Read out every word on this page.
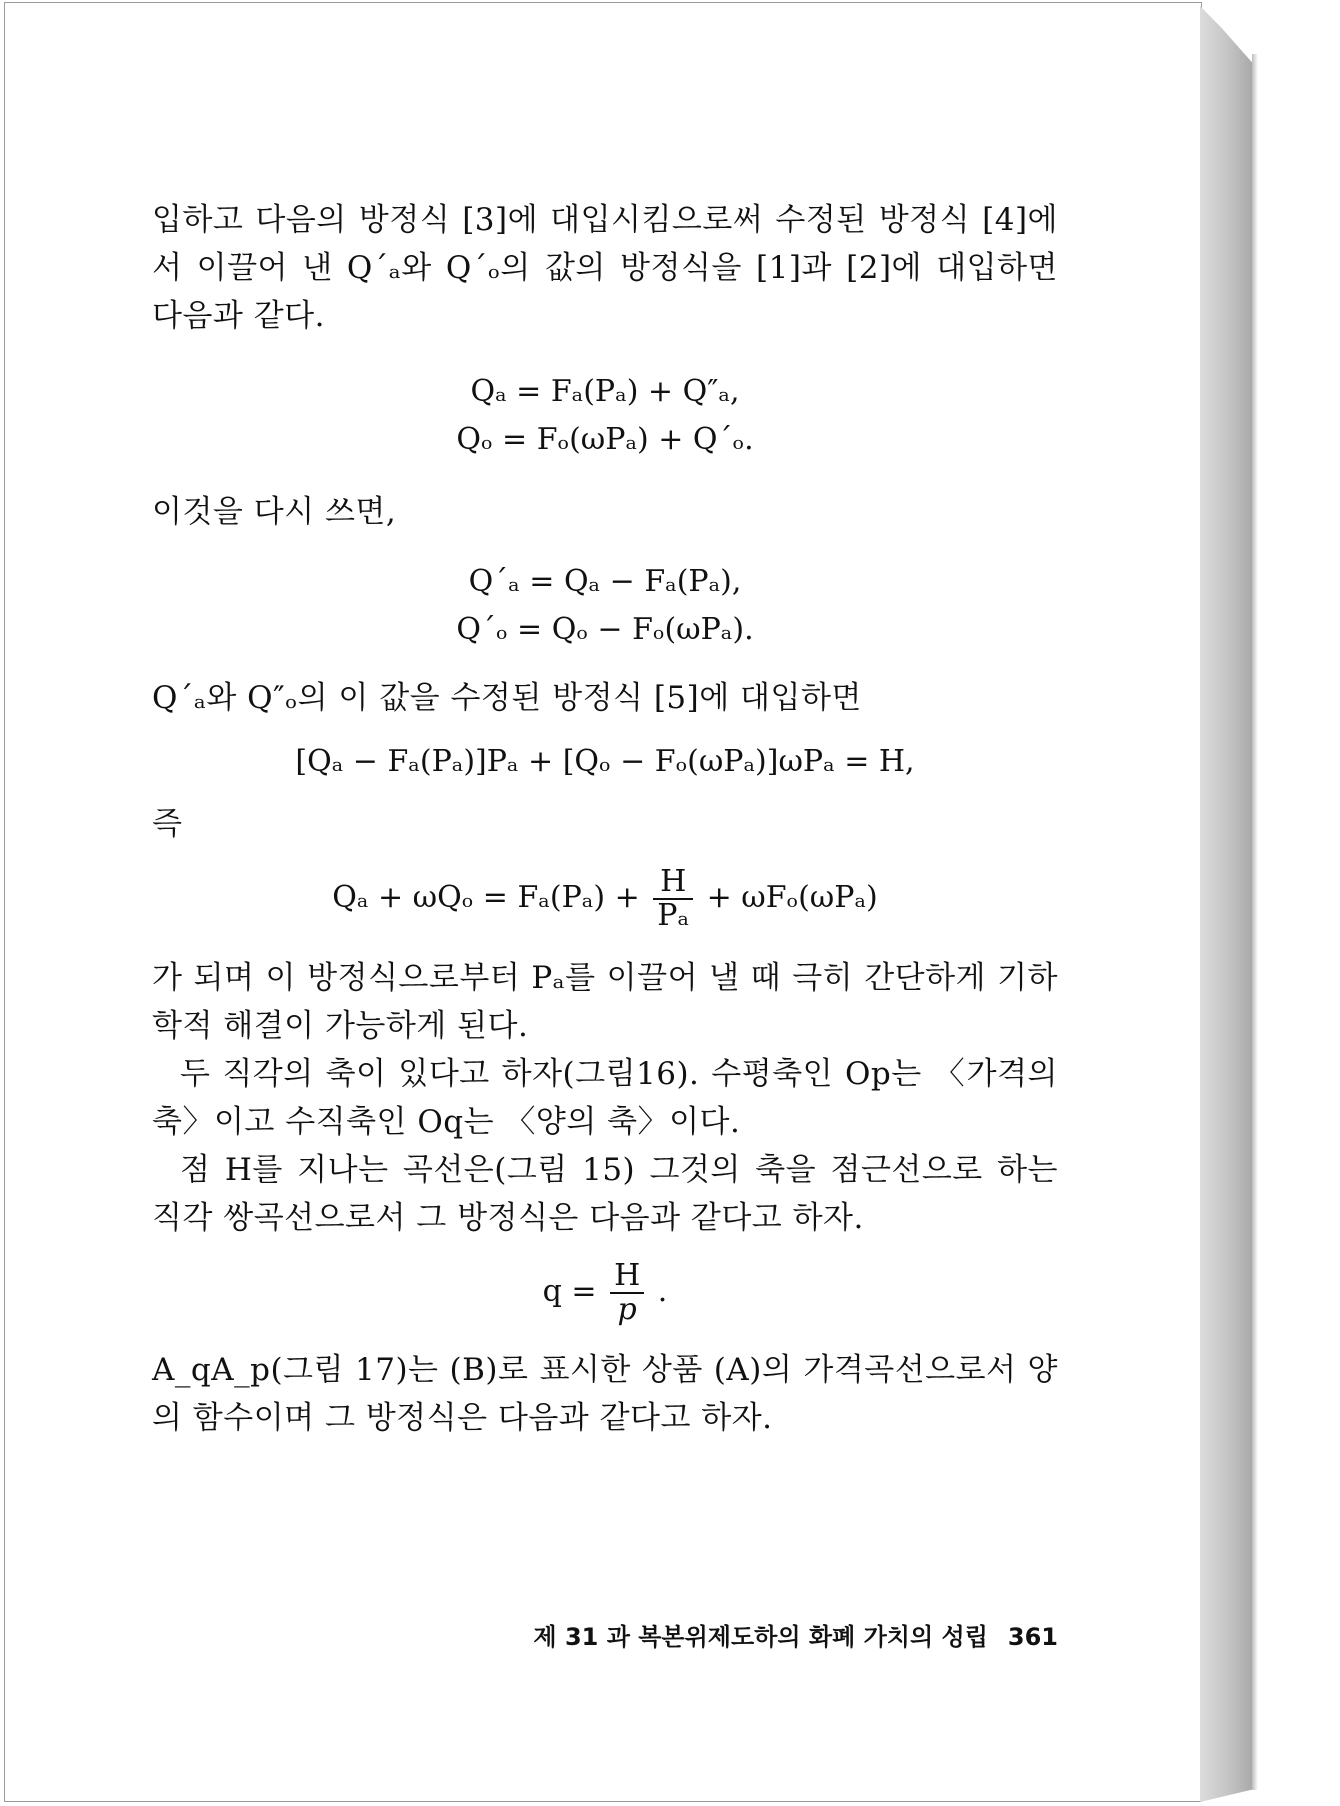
입하고 다음의 방정식 [3]에 대입시킴으로써 수정된 방정식 [4]에서 이끌어 낸 Q´ₐ와 Q´ₒ의 값의 방정식을 [1]과 [2]에 대입하면 다음과 같다.

Qₐ = Fₐ(Pₐ) + Q″ₐ,
Qₒ = Fₒ(ωPₐ) + Q´ₒ.

이것을 다시 쓰면,

Q´ₐ = Qₐ − Fₐ(Pₐ),
Q´ₒ = Qₒ − Fₒ(ωPₐ).

Q´ₐ와 Q″ₒ의 이 값을 수정된 방정식 [5]에 대입하면

[Qₐ − Fₐ(Pₐ)]Pₐ + [Qₒ − Fₒ(ωPₐ)]ωPₐ = H,

즉

$Q_a + \omega Q_o = F_a(P_a) + \frac{H}{\text{Pₐ}} + \omega F_o(\omega P_a)$

가 되며 이 방정식으로부터 Pₐ를 이끌어 낼 때 극히 간단하게 기하학적 해결이 가능하게 된다.

두 직각의 축이 있다고 하자(그림16). 수평축인 Op는 〈가격의 축〉이고 수직축인 Oq는 〈양의 축〉이다.

점 H를 지나는 곡선은(그림 15) 그것의 축을 점근선으로 하는 직각 쌍곡선으로서 그 방정식은 다음과 같다고 하자.

$q = \frac{H}{p}$ .

A_qA_p(그림 17)는 (B)로 표시한 상품 (A)의 가격곡선으로서 양의 함수이며 그 방정식은 다음과 같다고 하자.

제 31 과 복본위제도하의 화폐 가치의 성립 361
